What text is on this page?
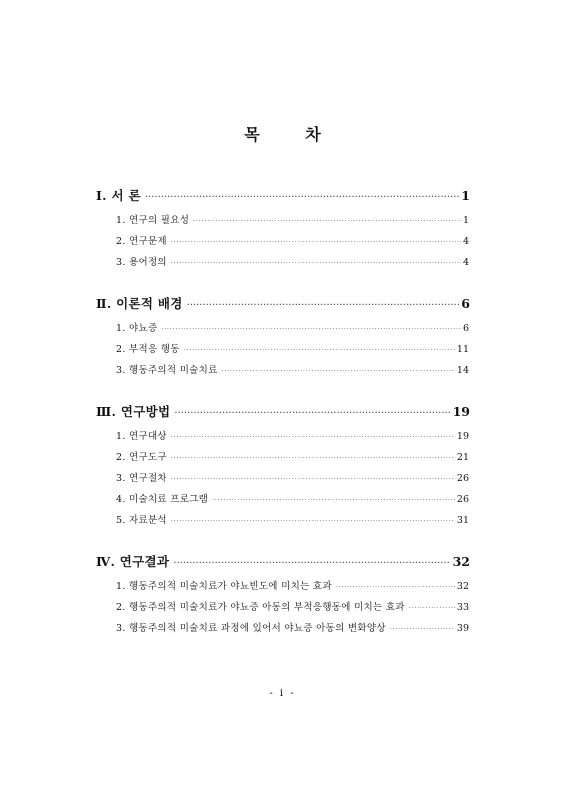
목 차
Ⅰ. 서 론 ·····	1
1. 연구의 필요성 ·····	1
2. 연구문제 ·····	4
3. 용어정의 ·····	4
Ⅱ. 이론적 배경 ·····	6
1. 야뇨증 ·····	6
2. 부적응 행동 ·····	11
3. 행동주의적 미술치료 ·····	14
Ⅲ. 연구방법 ·····	19
1. 연구대상 ·····	19
2. 연구도구 ·····	21
3. 연구절차 ·····	26
4. 미술치료 프로그램 ·····	26
5. 자료분석 ·····	31
Ⅳ. 연구결과 ·····	32
1. 행동주의적 미술치료가 야뇨빈도에 미치는 효과 ·····	32
2. 행동주의적 미술치료가 야뇨증 아동의 부적응행동에 미치는 효과 ·····	33
3. 행동주의적 미술치료 과정에 있어서 야뇨증 아동의 변화양상 ·····	39
- i -
